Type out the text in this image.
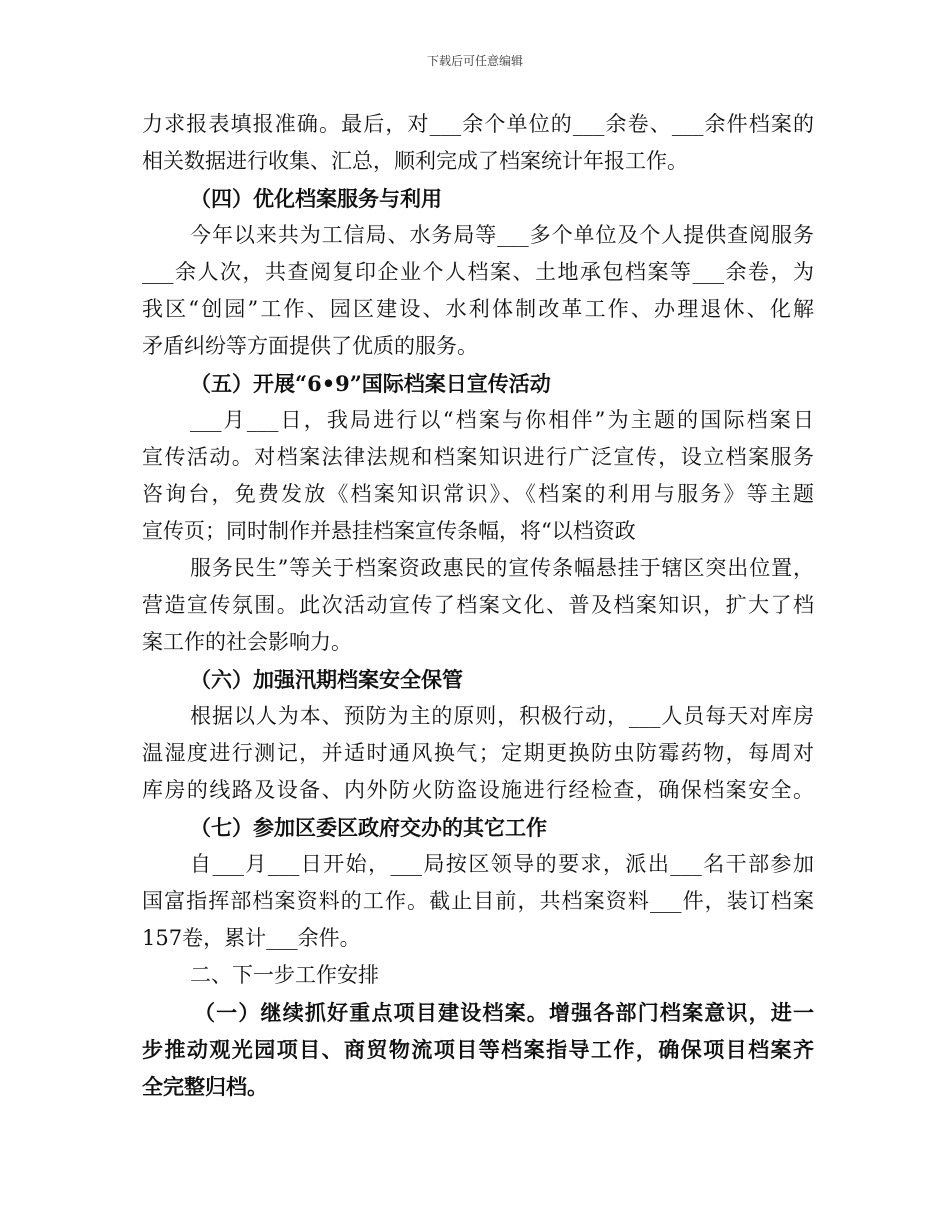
下载后可任意编辑
力求报表填报准确。最后，对___余个单位的___余卷、___余件档案的
相关数据进行收集、汇总，顺利完成了档案统计年报工作。
（四）优化档案服务与利用
今年以来共为工信局、水务局等___多个单位及个人提供查阅服务
___余人次，共查阅复印企业个人档案、土地承包档案等___余卷，为
我区“创园”工作、园区建设、水利体制改革工作、办理退休、化解
矛盾纠纷等方面提供了优质的服务。
（五）开展“6•9”国际档案日宣传活动
___月___日，我局进行以“档案与你相伴”为主题的国际档案日
宣传活动。对档案法律法规和档案知识进行广泛宣传，设立档案服务
咨询台，免费发放《档案知识常识》、《档案的利用与服务》等主题
宣传页；同时制作并悬挂档案宣传条幅，将“以档资政
服务民生”等关于档案资政惠民的宣传条幅悬挂于辖区突出位置，
营造宣传氛围。此次活动宣传了档案文化、普及档案知识，扩大了档
案工作的社会影响力。
（六）加强汛期档案安全保管
根据以人为本、预防为主的原则，积极行动，___人员每天对库房
温湿度进行测记，并适时通风换气；定期更换防虫防霉药物，每周对
库房的线路及设备、内外防火防盗设施进行经检查，确保档案安全。
（七）参加区委区政府交办的其它工作
自___月___日开始，___局按区领导的要求，派出___名干部参加
国富指挥部档案资料的工作。截止目前，共档案资料___件，装订档案
157卷，累计___余件。
二、下一步工作安排
（一）继续抓好重点项目建设档案。增强各部门档案意识，进一
步推动观光园项目、商贸物流项目等档案指导工作，确保项目档案齐
全完整归档。
